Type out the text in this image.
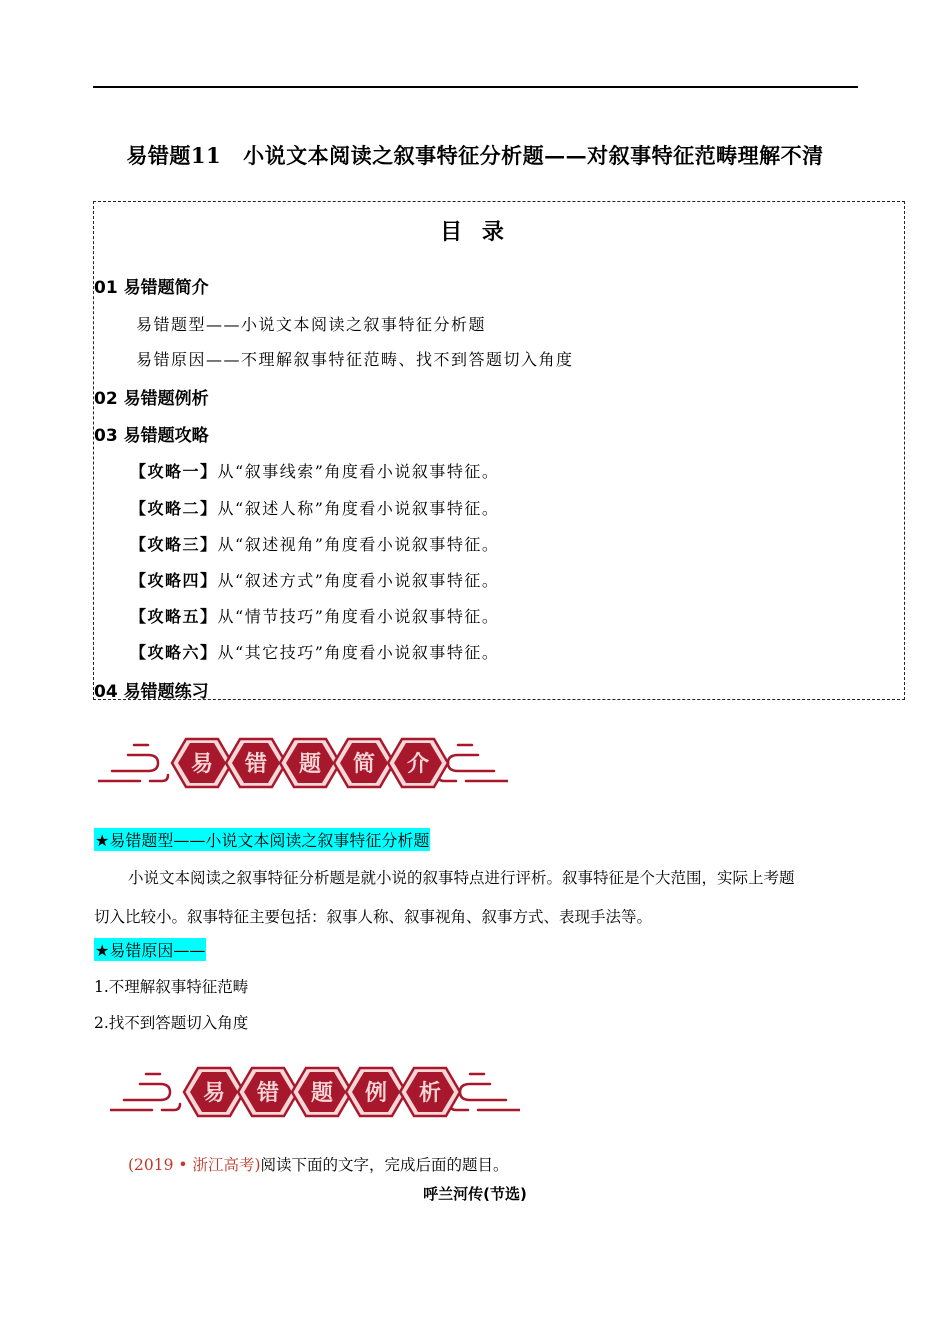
易错题11 小说文本阅读之叙事特征分析题——对叙事特征范畴理解不清
目 录
01 易错题简介
易错题型——小说文本阅读之叙事特征分析题
易错原因——不理解叙事特征范畴、找不到答题切入角度
02 易错题例析
03 易错题攻略
【攻略一】从“叙事线索”角度看小说叙事特征。
【攻略二】从“叙述人称”角度看小说叙事特征。
【攻略三】从“叙述视角”角度看小说叙事特征。
【攻略四】从“叙述方式”角度看小说叙事特征。
【攻略五】从“情节技巧”角度看小说叙事特征。
【攻略六】从“其它技巧”角度看小说叙事特征。
04 易错题练习
易 错 题 简 介
★易错题型——小说文本阅读之叙事特征分析题
小说文本阅读之叙事特征分析题是就小说的叙事特点进行评析。叙事特征是个大范围，实际上考题
切入比较小。叙事特征主要包括：叙事人称、叙事视角、叙事方式、表现手法等。
★易错原因——
1.不理解叙事特征范畴
2.找不到答题切入角度
易 错 题 例 析
(2019 • 浙江高考)阅读下面的文字，完成后面的题目。
呼兰河传(节选)
